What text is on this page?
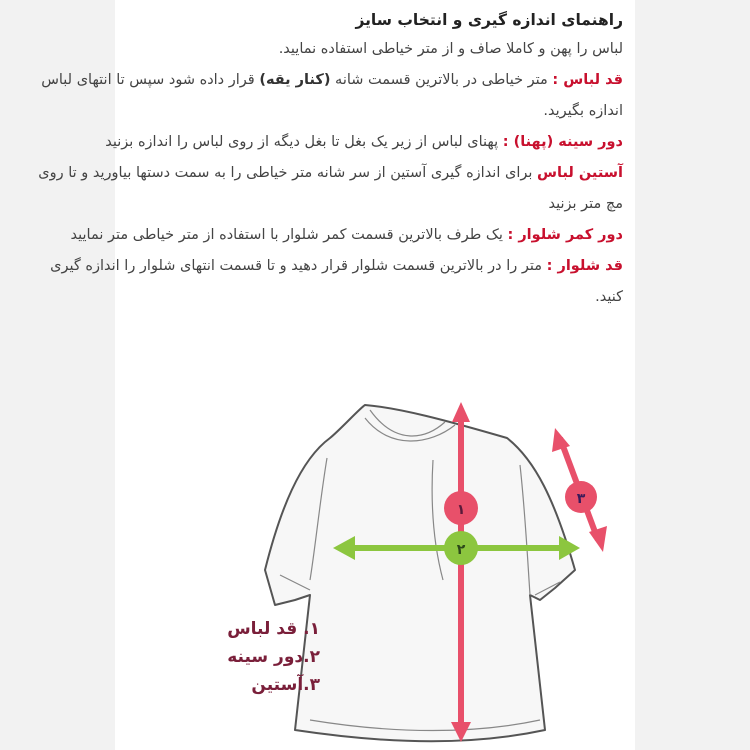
راهنمای اندازه گیری و انتخاب سایز

لباس را پهن و کاملا صاف و از متر خیاطی استفاده نمایید.

قد لباس : متر خیاطی در بالاترین قسمت شانه (کنار یقه) قرار داده شود سپس تا انتهای لباس اندازه بگیرید.

دور سینه (پهنا) : پهنای لباس از زیر یک بغل تا بغل دیگه از روی لباس را اندازه بزنید

آستین لباس برای اندازه گیری آستین از سر شانه متر خیاطی را به سمت دستها بیاورید و تا روی مچ متر بزنید

دور کمر شلوار : یک طرف بالاترین قسمت کمر شلوار با استفاده از متر خیاطی متر نمایید

قد شلوار : متر را در بالاترین قسمت شلوار قرار دهید و تا قسمت انتهای شلوار را اندازه گیری کنید.

۱
۲
۳
۱. قد لباس
۲.دور سینه
۳.آستین
